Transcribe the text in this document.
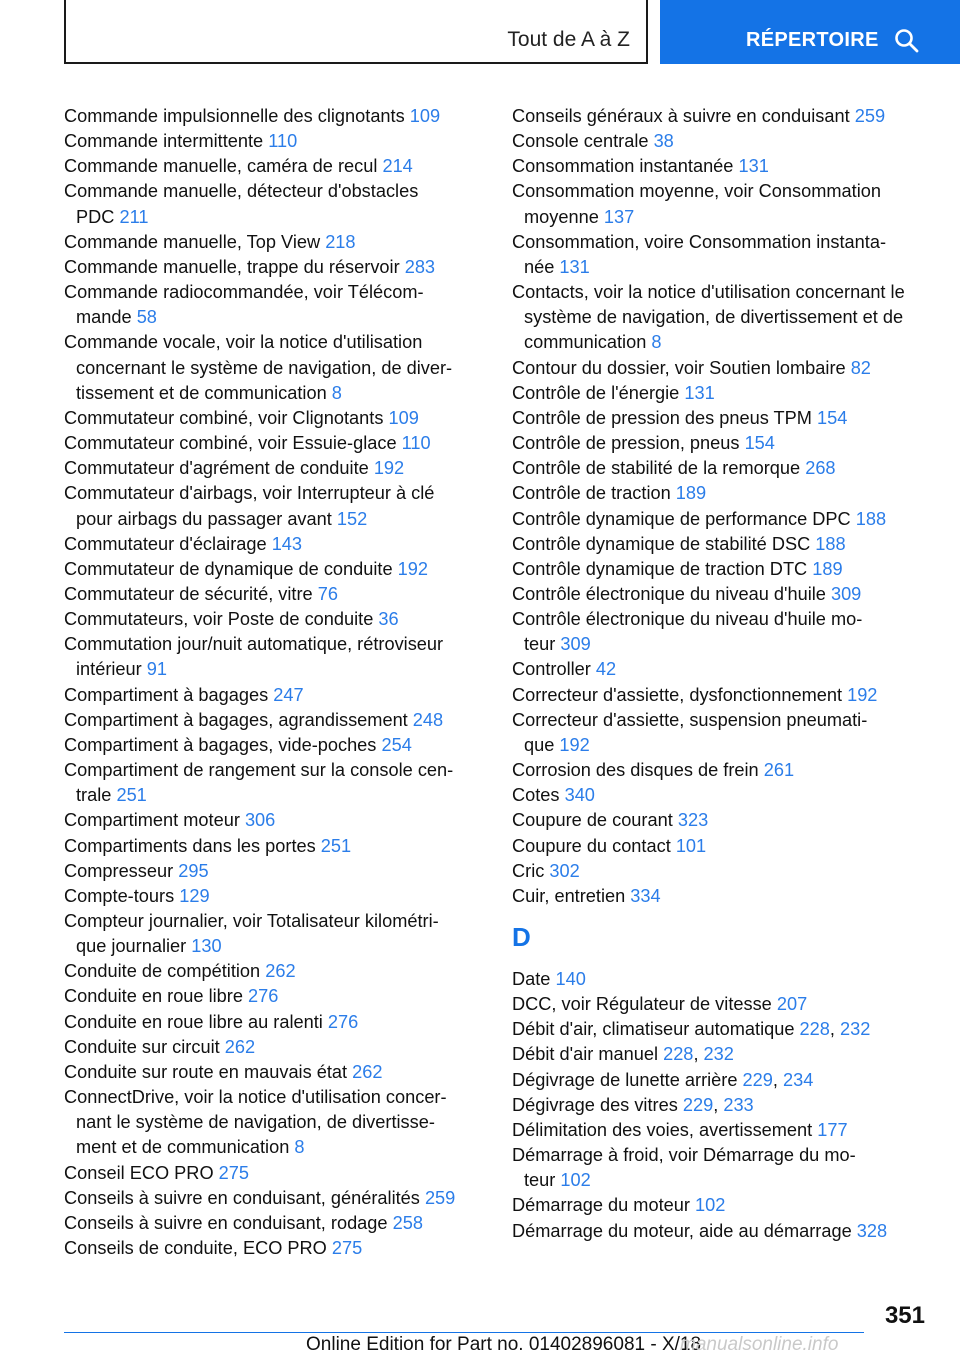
Tout de A à Z	RÉPERTOIRE
Commande impulsionnelle des clignotants 109
Commande intermittente 110
Commande manuelle, caméra de recul 214
Commande manuelle, détecteur d'obstacles
PDC 211
Commande manuelle, Top View 218
Commande manuelle, trappe du réservoir 283
Commande radiocommandée, voir Télécom-
mande 58
Commande vocale, voir la notice d'utilisation
concernant le système de navigation, de diver-
tissement et de communication 8
Commutateur combiné, voir Clignotants 109
Commutateur combiné, voir Essuie-glace 110
Commutateur d'agrément de conduite 192
Commutateur d'airbags, voir Interrupteur à clé
pour airbags du passager avant 152
Commutateur d'éclairage 143
Commutateur de dynamique de conduite 192
Commutateur de sécurité, vitre 76
Commutateurs, voir Poste de conduite 36
Commutation jour/nuit automatique, rétroviseur
intérieur 91
Compartiment à bagages 247
Compartiment à bagages, agrandissement 248
Compartiment à bagages, vide-poches 254
Compartiment de rangement sur la console cen-
trale 251
Compartiment moteur 306
Compartiments dans les portes 251
Compresseur 295
Compte-tours 129
Compteur journalier, voir Totalisateur kilométri-
que journalier 130
Conduite de compétition 262
Conduite en roue libre 276
Conduite en roue libre au ralenti 276
Conduite sur circuit 262
Conduite sur route en mauvais état 262
ConnectDrive, voir la notice d'utilisation concer-
nant le système de navigation, de divertisse-
ment et de communication 8
Conseil ECO PRO 275
Conseils à suivre en conduisant, généralités 259
Conseils à suivre en conduisant, rodage 258
Conseils de conduite, ECO PRO 275
Conseils généraux à suivre en conduisant 259
Console centrale 38
Consommation instantanée 131
Consommation moyenne, voir Consommation
moyenne 137
Consommation, voire Consommation instanta-
née 131
Contacts, voir la notice d'utilisation concernant le
système de navigation, de divertissement et de
communication 8
Contour du dossier, voir Soutien lombaire 82
Contrôle de l'énergie 131
Contrôle de pression des pneus TPM 154
Contrôle de pression, pneus 154
Contrôle de stabilité de la remorque 268
Contrôle de traction 189
Contrôle dynamique de performance DPC 188
Contrôle dynamique de stabilité DSC 188
Contrôle dynamique de traction DTC 189
Contrôle électronique du niveau d'huile 309
Contrôle électronique du niveau d'huile mo-
teur 309
Controller 42
Correcteur d'assiette, dysfonctionnement 192
Correcteur d'assiette, suspension pneumati-
que 192
Corrosion des disques de frein 261
Cotes 340
Coupure de courant 323
Coupure du contact 101
Cric 302
Cuir, entretien 334
D
Date 140
DCC, voir Régulateur de vitesse 207
Débit d'air, climatiseur automatique 228, 232
Débit d'air manuel 228, 232
Dégivrage de lunette arrière 229, 234
Dégivrage des vitres 229, 233
Délimitation des voies, avertissement 177
Démarrage à froid, voir Démarrage du mo-
teur 102
Démarrage du moteur 102
Démarrage du moteur, aide au démarrage 328
351
Online Edition for Part no. 01402896081 - X/18
manualsonline.info
